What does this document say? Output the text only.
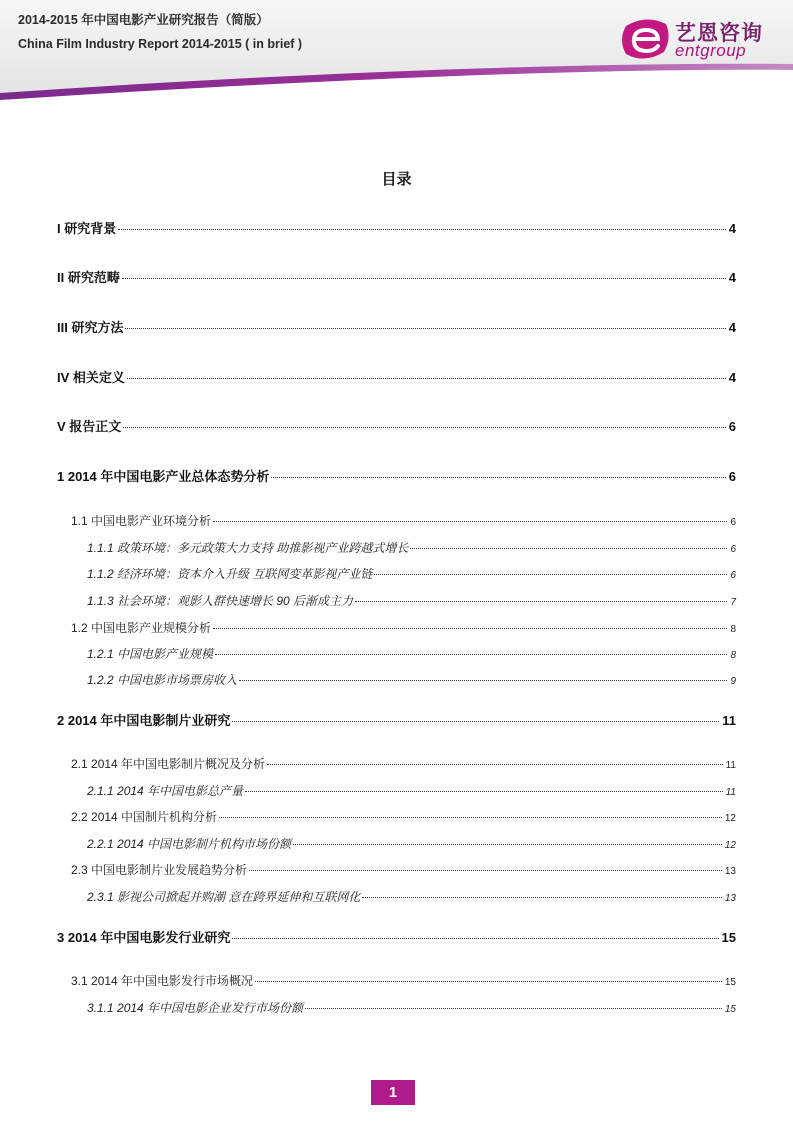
2014-2015 年中国电影产业研究报告（简版）
China Film Industry Report 2014-2015 ( in brief )	艺恩咨询
entgroup
目录
I 研究背景	4
II 研究范畴	4
III 研究方法	4
IV 相关定义	4
V 报告正文	6
1 2014 年中国电影产业总体态势分析	6
1.1 中国电影产业环境分析	6
1.1.1 政策环境：多元政策大力支持 助推影视产业跨越式增长	6
1.1.2 经济环境：资本介入升级 互联网变革影视产业链	6
1.1.3 社会环境：观影人群快速增长 90 后渐成主力	7
1.2 中国电影产业规模分析	8
1.2.1 中国电影产业规模	8
1.2.2 中国电影市场票房收入	9
2 2014 年中国电影制片业研究	11
2.1 2014 年中国电影制片概况及分析	11
2.1.1 2014 年中国电影总产量	11
2.2 2014 中国制片机构分析	12
2.2.1 2014 中国电影制片机构市场份额	12
2.3 中国电影制片业发展趋势分析	13
2.3.1 影视公司掀起并购潮 意在跨界延伸和互联网化	13
3 2014 年中国电影发行业研究	15
3.1 2014 年中国电影发行市场概况	15
3.1.1 2014 年中国电影企业发行市场份额	15
1
